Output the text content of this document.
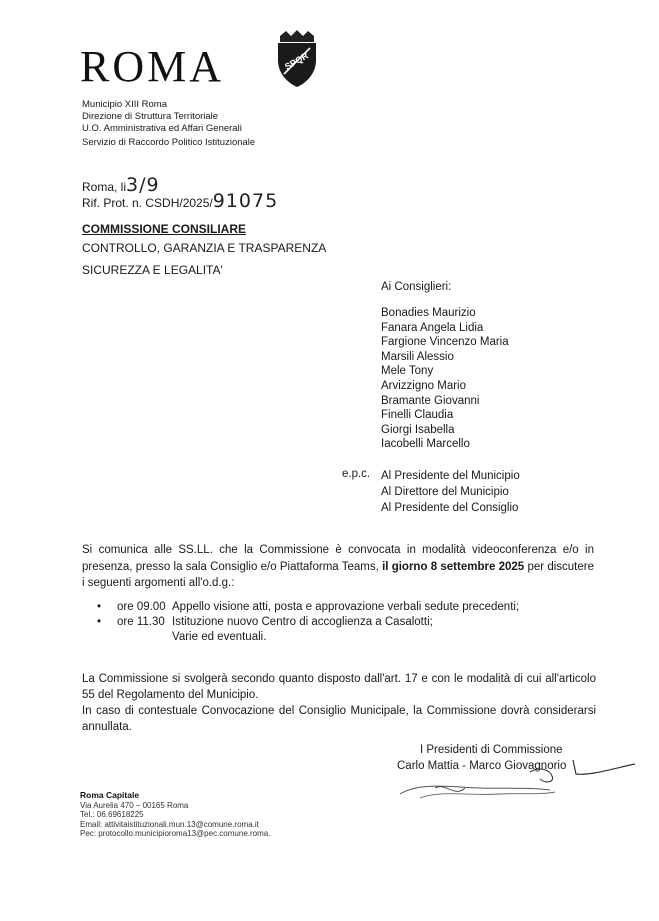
ROMA	SPQR
Municipio XIII Roma
Direzione di Struttura Territoriale
U.O. Amministrativa ed Affari Generali
Servizio di Raccordo Politico Istituzionale
Roma, li3/9
Rif. Prot. n. CSDH/2025/91075
COMMISSIONE CONSILIARE
CONTROLLO, GARANZIA E TRASPARENZA
SICUREZZA E LEGALITA'
Ai Consiglieri:
Bonadies Maurizio
Fanara Angela Lidia
Fargione Vincenzo Maria
Marsili Alessio
Mele Tony
Arvizzigno Mario
Bramante Giovanni
Finelli Claudia
Giorgi Isabella
Iacobelli Marcello
e.p.c. Al Presidente del Municipio
Al Direttore del Municipio
Al Presidente del Consiglio
Si comunica alle SS.LL. che la Commissione è convocata in modalità videoconferenza e/o in presenza, presso la sala Consiglio e/o Piattaforma Teams, il giorno 8 settembre 2025 per discutere i seguenti argomenti all'o.d.g.:
• ore 09.00 Appello visione atti, posta e approvazione verbali sedute precedenti;
• ore 11.30 Istituzione nuovo Centro di accoglienza a Casalotti;
Varie ed eventuali.
La Commissione si svolgerà secondo quanto disposto dall'art. 17 e con le modalità di cui all'articolo 55 del Regolamento del Municipio.
In caso di contestuale Convocazione del Consiglio Municipale, la Commissione dovrà considerarsi annullata.
I Presidenti di Commissione
Carlo Mattia - Marco Giovagnorio
Roma Capitale
Via Aurelia 470 – 00165 Roma
Tel.: 06.69618225
Email: attivitaistituzionali.mun.13@comune.roma.it
Pec: protocollo.municipioroma13@pec.comune.roma.
